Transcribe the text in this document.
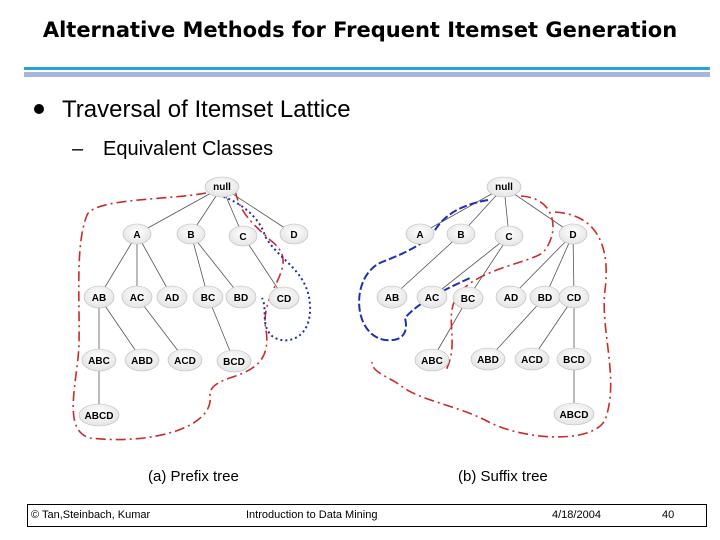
Alternative Methods for Frequent Itemset Generation
Traversal of Itemset Lattice
– Equivalent Classes
null
A	B	C	D
AB AC AD BC BD	CD
ABC ABD ACD	BCD
ABCD
(a) Prefix tree
null
A	B	C	D
AB	AC BC	AD BD CD
ABC	ABD ACD BCD
ABCD
(b) Suffix tree
© Tan,Steinbach, Kumar	Introduction to Data Mining	4/18/2004	40
